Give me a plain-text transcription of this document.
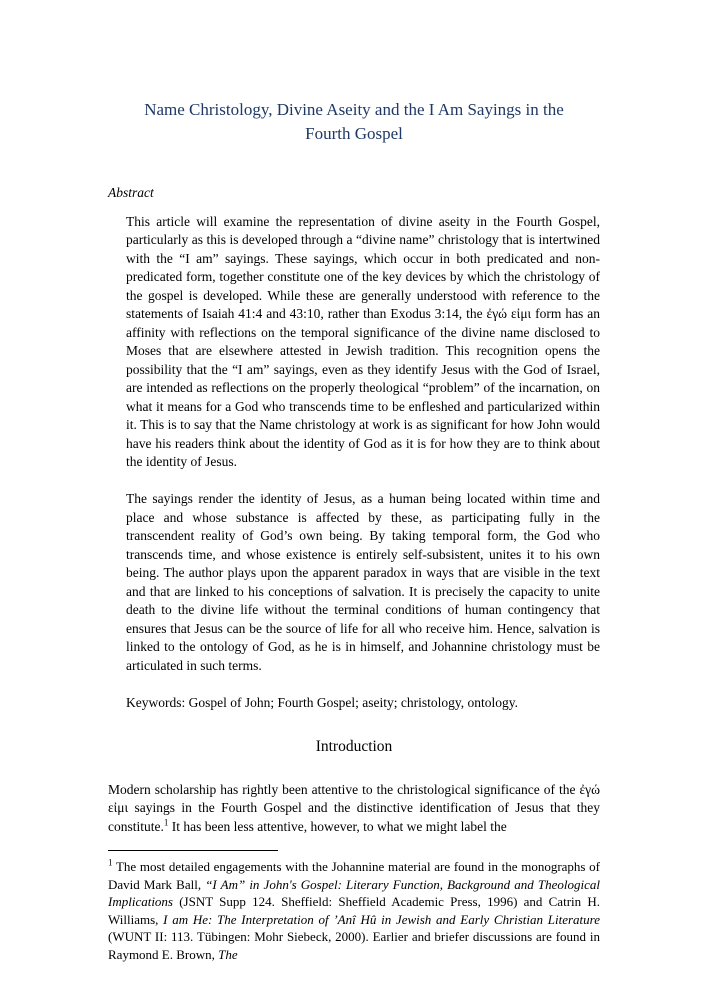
Name Christology, Divine Aseity and the I Am Sayings in the Fourth Gospel

Abstract

This article will examine the representation of divine aseity in the Fourth Gospel, particularly as this is developed through a “divine name” christology that is intertwined with the “I am” sayings. These sayings, which occur in both predicated and non-predicated form, together constitute one of the key devices by which the christology of the gospel is developed. While these are generally understood with reference to the statements of Isaiah 41:4 and 43:10, rather than Exodus 3:14, the ἐγώ εἰμι form has an affinity with reflections on the temporal significance of the divine name disclosed to Moses that are elsewhere attested in Jewish tradition. This recognition opens the possibility that the “I am” sayings, even as they identify Jesus with the God of Israel, are intended as reflections on the properly theological “problem” of the incarnation, on what it means for a God who transcends time to be enfleshed and particularized within it. This is to say that the Name christology at work is as significant for how John would have his readers think about the identity of God as it is for how they are to think about the identity of Jesus.

The sayings render the identity of Jesus, as a human being located within time and place and whose substance is affected by these, as participating fully in the transcendent reality of God’s own being. By taking temporal form, the God who transcends time, and whose existence is entirely self-subsistent, unites it to his own being. The author plays upon the apparent paradox in ways that are visible in the text and that are linked to his conceptions of salvation. It is precisely the capacity to unite death to the divine life without the terminal conditions of human contingency that ensures that Jesus can be the source of life for all who receive him. Hence, salvation is linked to the ontology of God, as he is in himself, and Johannine christology must be articulated in such terms.

Keywords: Gospel of John; Fourth Gospel; aseity; christology, ontology.

Introduction

Modern scholarship has rightly been attentive to the christological significance of the ἐγώ εἰμι sayings in the Fourth Gospel and the distinctive identification of Jesus that they constitute.$^1$ It has been less attentive, however, to what we might label the

$^1$ The most detailed engagements with the Johannine material are found in the monographs of David Mark Ball, “I Am” in John's Gospel: Literary Function, Background and Theological Implications (JSNT Supp 124. Sheffield: Sheffield Academic Press, 1996) and Catrin H. Williams, I am He: The Interpretation of ’Anî Hû in Jewish and Early Christian Literature (WUNT II: 113. Tübingen: Mohr Siebeck, 2000). Earlier and briefer discussions are found in Raymond E. Brown, The
